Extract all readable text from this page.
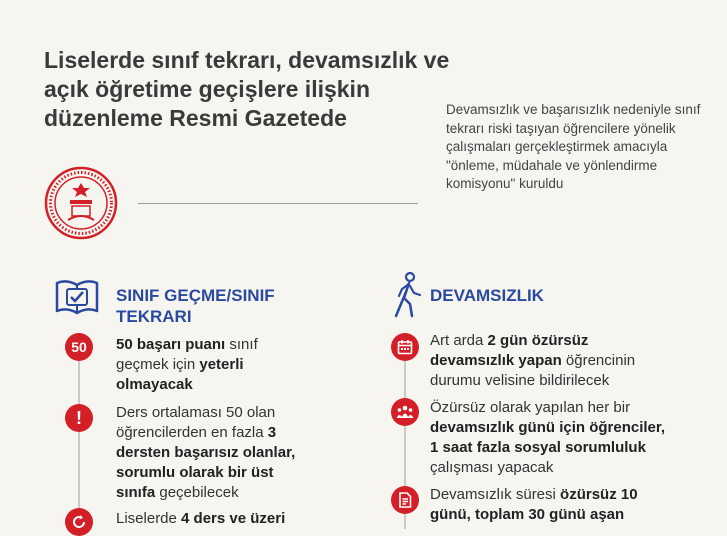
Liselerde sınıf tekrarı, devamsızlık ve
açık öğretime geçişlere ilişkin
düzenleme Resmi Gazetede	Devamsızlık ve başarısızlık nedeniyle sınıf tekrarı riski taşıyan öğrencilere yönelik çalışmaları gerçekleştirmek amacıyla "önleme, müdahale ve yönlendirme komisyonu" kuruldu
SINIF GEÇME/SINIF
TEKRARI
50	50 başarı puanı sınıf geçmek için yeterli olmayacak
!	Ders ortalaması 50 olan öğrencilerden en fazla 3 dersten başarısız olanlar, sorumlu olarak bir üst sınıfa geçebilecek
Liselerde 4 ders ve üzeri
DEVAMSIZLIK
Art arda 2 gün özürsüz devamsızlık yapan öğrencinin durumu velisine bildirilecek
Özürsüz olarak yapılan her bir devamsızlık günü için öğrenciler, 1 saat fazla sosyal sorumluluk çalışması yapacak
Devamsızlık süresi özürsüz 10 günü, toplam 30 günü aşan
